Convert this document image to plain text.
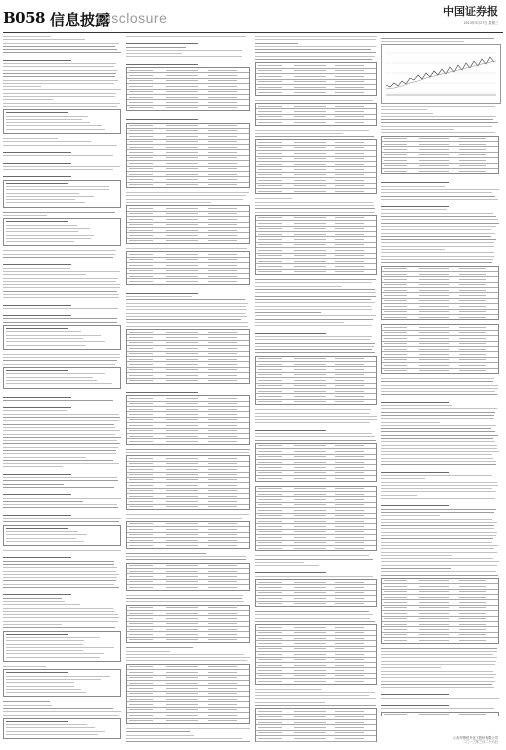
B058 信息披露
Disclosure	中国证券报
2013年3月27日 星期三
山东华鲁恒升化工股份有限公司
二〇一三年三月二十六日
